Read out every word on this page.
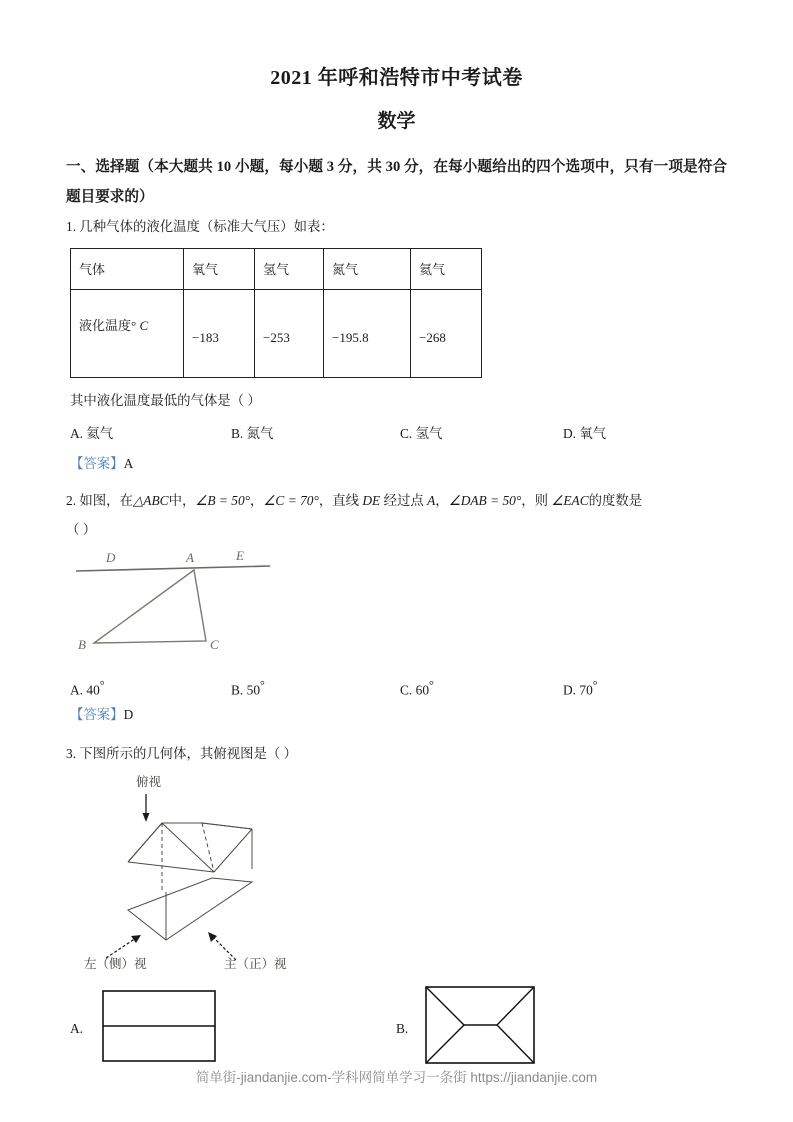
2021 年呼和浩特市中考试卷
数学
一、选择题（本大题共 10 小题，每小题 3 分，共 30 分，在每小题给出的四个选项中，只有一项是符合题目要求的）
1. 几种气体的液化温度（标准大气压）如表：
气体	氧气	氢气	氮气	氦气
液化温度° C	−183	−253	−195.8	−268
其中液化温度最低的气体是（ ）
A. 氦气	B. 氮气	C. 氢气	D. 氧气
【答案】A
2. 如图，在△ABC中，∠B = 50°，∠C = 70°，直线 DE 经过点 A，∠DAB = 50°，则 ∠EAC的度数是
（ ）
D	A	E
B	C
A. 40°	B. 50°	C. 60°	D. 70°
【答案】D
3. 下图所示的几何体，其俯视图是（ ）
俯视
左（侧）视	主（正）视
A.	B.
简单街-jiandanjie.com-学科网简单学习一条街 https://jiandanjie.com
